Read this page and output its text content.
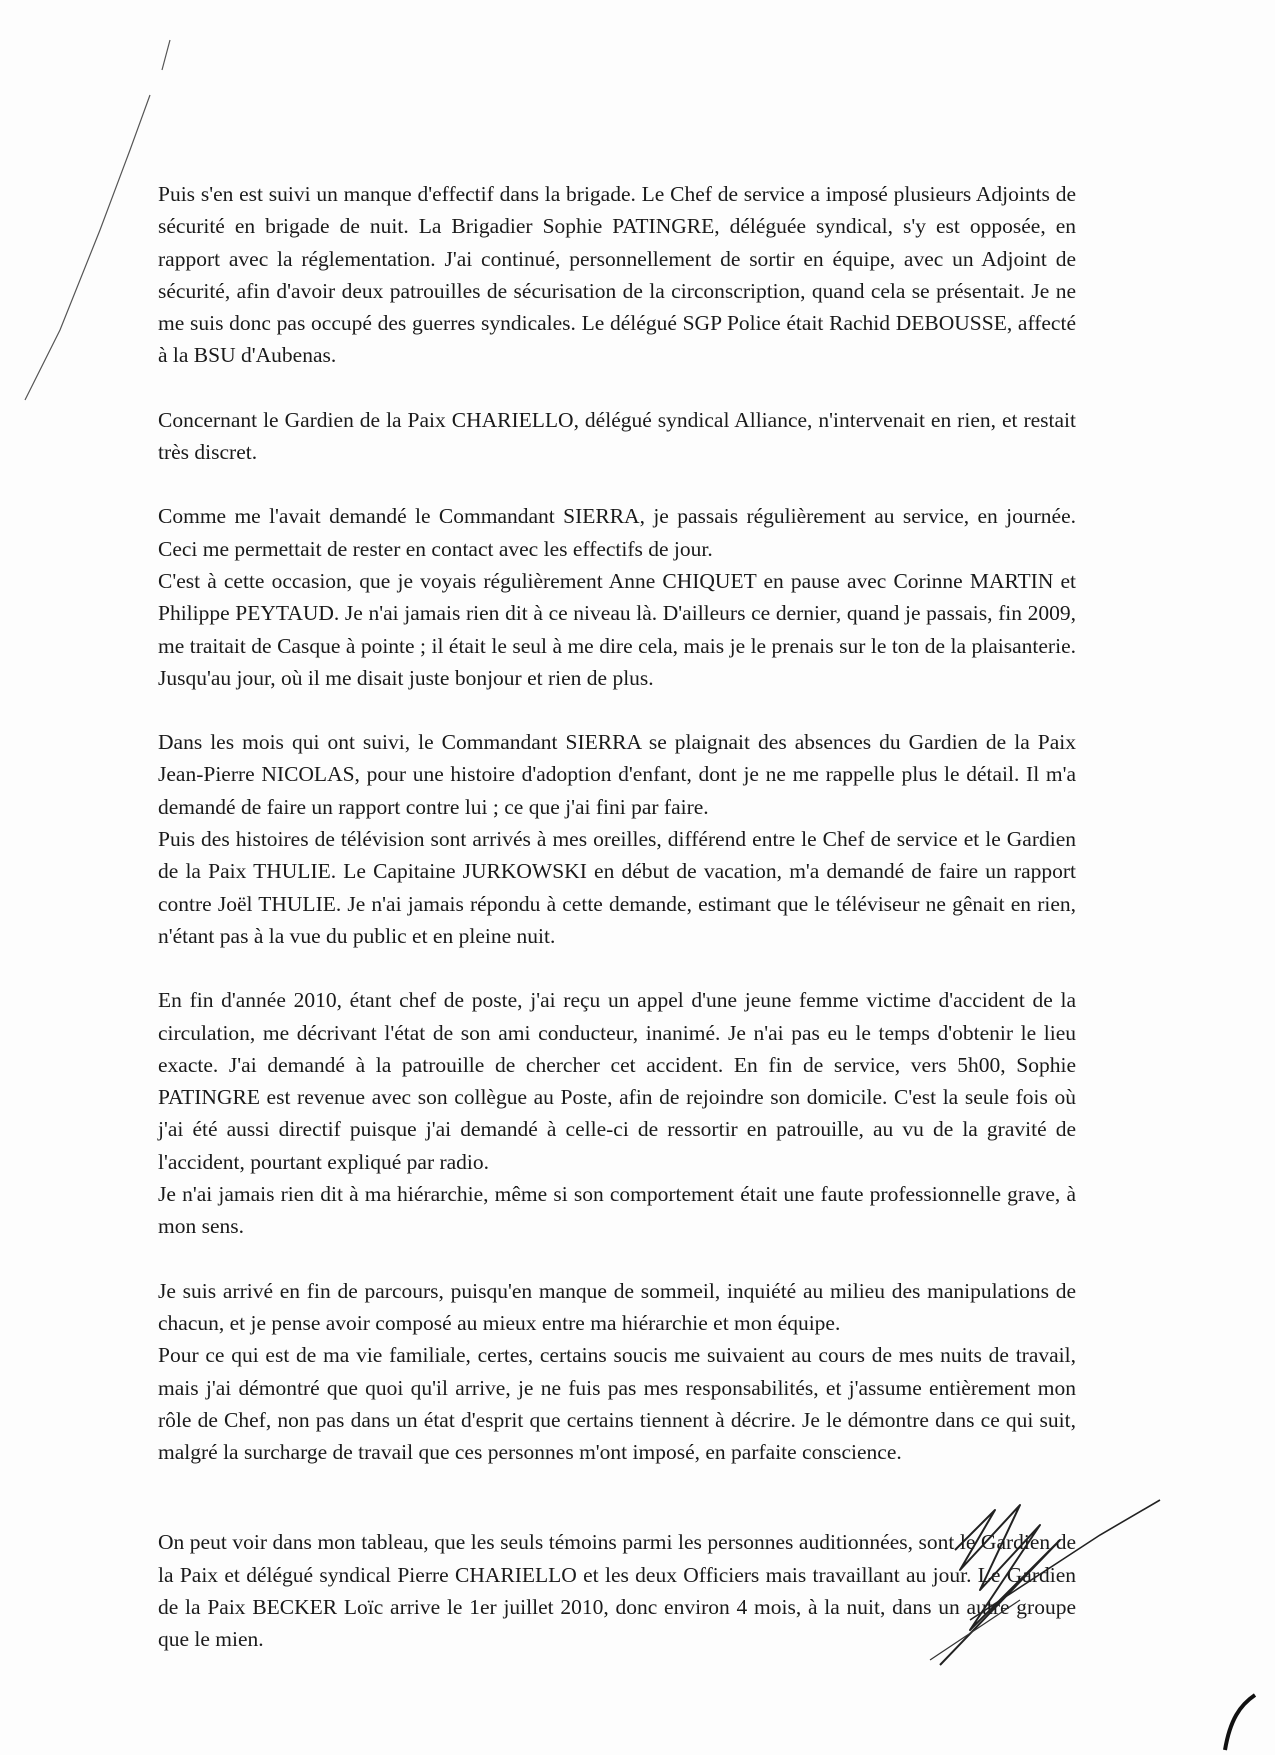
Puis s'en est suivi un manque d'effectif dans la brigade. Le Chef de service a imposé plusieurs Adjoints de sécurité en brigade de nuit. La Brigadier Sophie PATINGRE, déléguée syndical, s'y est opposée, en rapport avec la réglementation. J'ai continué, personnellement de sortir en équipe, avec un Adjoint de sécurité, afin d'avoir deux patrouilles de sécurisation de la circonscription, quand cela se présentait. Je ne me suis donc pas occupé des guerres syndicales. Le délégué SGP Police était Rachid DEBOUSSE, affecté à la BSU d'Aubenas.

Concernant le Gardien de la Paix CHARIELLO, délégué syndical Alliance, n'intervenait en rien, et restait très discret.

Comme me l'avait demandé le Commandant SIERRA, je passais régulièrement au service, en journée. Ceci me permettait de rester en contact avec les effectifs de jour.

C'est à cette occasion, que je voyais régulièrement Anne CHIQUET en pause avec Corinne MARTIN et Philippe PEYTAUD. Je n'ai jamais rien dit à ce niveau là. D'ailleurs ce dernier, quand je passais, fin 2009, me traitait de Casque à pointe ; il était le seul à me dire cela, mais je le prenais sur le ton de la plaisanterie. Jusqu'au jour, où il me disait juste bonjour et rien de plus.

Dans les mois qui ont suivi, le Commandant SIERRA se plaignait des absences du Gardien de la Paix Jean-Pierre NICOLAS, pour une histoire d'adoption d'enfant, dont je ne me rappelle plus le détail. Il m'a demandé de faire un rapport contre lui ; ce que j'ai fini par faire.

Puis des histoires de télévision sont arrivés à mes oreilles, différend entre le Chef de service et le Gardien de la Paix THULIE. Le Capitaine JURKOWSKI en début de vacation, m'a demandé de faire un rapport contre Joël THULIE. Je n'ai jamais répondu à cette demande, estimant que le téléviseur ne gênait en rien, n'étant pas à la vue du public et en pleine nuit.

En fin d'année 2010, étant chef de poste, j'ai reçu un appel d'une jeune femme victime d'accident de la circulation, me décrivant l'état de son ami conducteur, inanimé. Je n'ai pas eu le temps d'obtenir le lieu exacte. J'ai demandé à la patrouille de chercher cet accident. En fin de service, vers 5h00, Sophie PATINGRE est revenue avec son collègue au Poste, afin de rejoindre son domicile. C'est la seule fois où j'ai été aussi directif puisque j'ai demandé à celle-ci de ressortir en patrouille, au vu de la gravité de l'accident, pourtant expliqué par radio.

Je n'ai jamais rien dit à ma hiérarchie, même si son comportement était une faute professionnelle grave, à mon sens.

Je suis arrivé en fin de parcours, puisqu'en manque de sommeil, inquiété au milieu des manipulations de chacun, et je pense avoir composé au mieux entre ma hiérarchie et mon équipe.

Pour ce qui est de ma vie familiale, certes, certains soucis me suivaient au cours de mes nuits de travail, mais j'ai démontré que quoi qu'il arrive, je ne fuis pas mes responsabilités, et j'assume entièrement mon rôle de Chef, non pas dans un état d'esprit que certains tiennent à décrire. Je le démontre dans ce qui suit, malgré la surcharge de travail que ces personnes m'ont imposé, en parfaite conscience.

On peut voir dans mon tableau, que les seuls témoins parmi les personnes auditionnées, sont le Gardien de la Paix et délégué syndical Pierre CHARIELLO et les deux Officiers mais travaillant au jour. Le Gardien de la Paix BECKER Loïc arrive le 1er juillet 2010, donc environ 4 mois, à la nuit, dans un autre groupe que le mien.
